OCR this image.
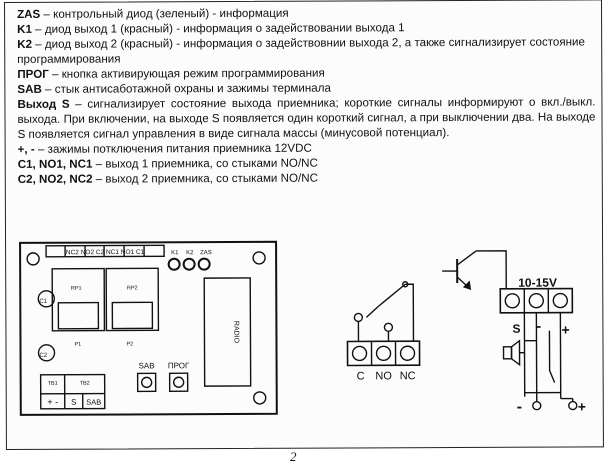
ZAS – контрольный диод (зеленый) - информация

K1 – диод выход 1 (красный) - информация о задействовании выхода 1

K2 – диод выход 2 (красный) - информация о задействовнии выхода 2, а также сигнализирует состояние программирования

ПРОГ – кнопка активирующая режим программирования

SAB – стык антисаботажной охраны и зажимы терминала

Выход S – сигнализирует состояние выхода приемника; короткие сигналы информируют о вкл./выкл. выхода. При включении, на выходе S появляется один короткий сигнал, а при выключении два. На выходе S появляется сигнал управления в виде сигнала массы (минусовой потенциал).

+, - – зажимы потключения питания приемника 12VDC

C1, NO1, NC1 – выход 1 приемника, со стыками NO/NC

C2, NO2, NC2 – выход 2 приемника, со стыками NO/NC

NC2 NO2 C2 NC1 NO1 C1	K1 K2 ZAS
RP1	RP2
P1	P2
C1
C2
RADIO
TB1	TB2
+ - S SAB
SAB ПРОГ
C NO NC
10-15V
S - +
-	+
2
